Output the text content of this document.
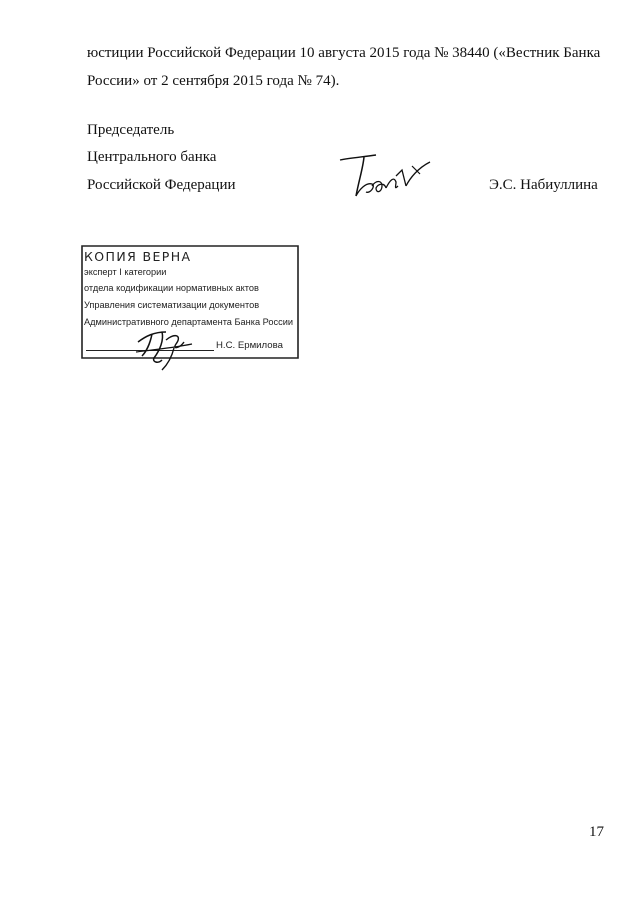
юстиции Российской Федерации 10 августа 2015 года № 38440 («Вестник Банка
России» от 2 сентября 2015 года № 74).
Председатель
Центрального банка
Российской Федерации	Э.С. Набиуллина
КОПИЯ ВЕРНА
эксперт I категории
отдела кодификации нормативных актов
Управления систематизации документов
Административного департамента Банка России
Н.С. Ермилова
17
